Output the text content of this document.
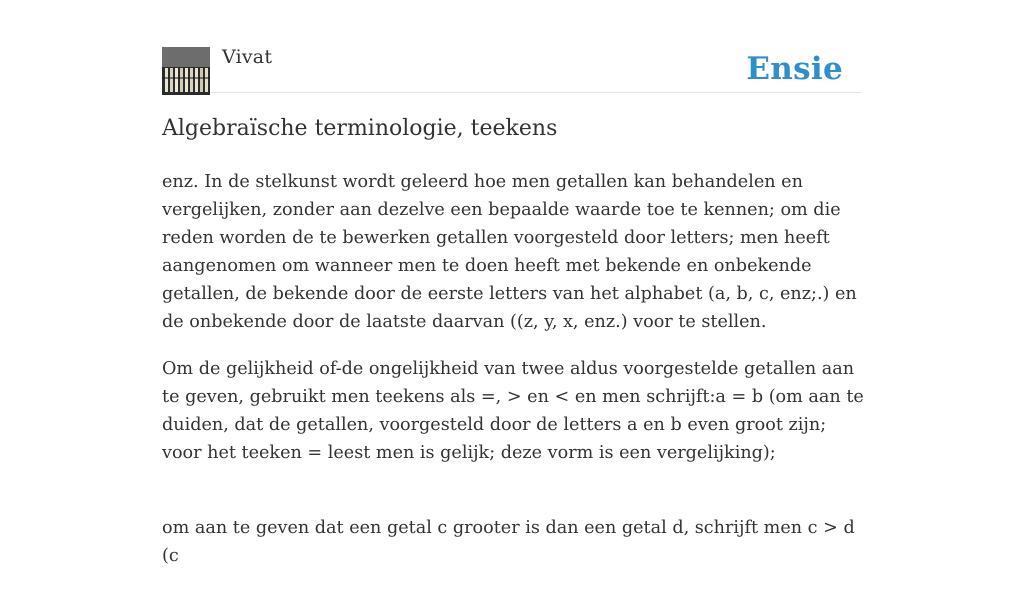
Vivat	Ensie
Algebraïsche terminologie, teekens

enz. In de stelkunst wordt geleerd hoe men getallen kan behandelen en vergelijken, zonder aan dezelve een bepaalde waarde toe te kennen; om die reden worden de te bewerken getallen voorgesteld door letters; men heeft aangenomen om wanneer men te doen heeft met bekende en onbekende getallen, de bekende door de eerste letters van het alphabet (a, b, c, enz;.) en de onbekende door de laatste daarvan ((z, y, x, enz.) voor te stellen.

Om de gelijkheid of-de ongelijkheid van twee aldus voorgestelde getallen aan te geven, gebruikt men teekens als =, > en < en men schrijft:a = b (om aan te duiden, dat de getallen, voorgesteld door de letters a en b even groot zijn; voor het teeken = leest men is gelijk; deze vorm is een vergelijking);

om aan te geven dat een getal c grooter is dan een getal d, schrijft men c > d (c
